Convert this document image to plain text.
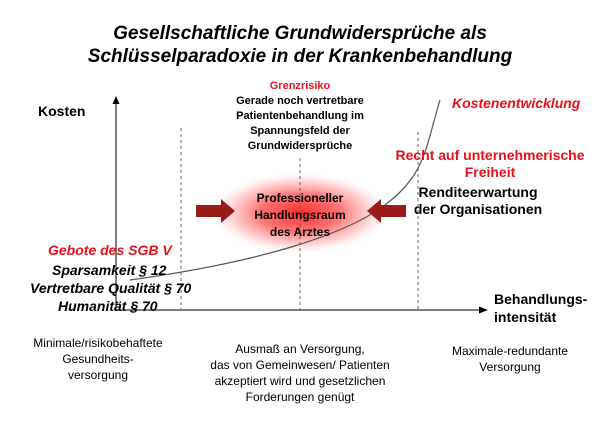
Gesellschaftliche Grundwidersprüche als
Schlüsselparadoxie in der Krankenbehandlung
Kosten
Grenzrisiko
Gerade noch vertretbare
Patientenbehandlung im
Spannungsfeld der
Grundwidersprüche
Kostenentwicklung
Recht auf unternehmerische
Freiheit
Renditeerwartung
der Organisationen
Professioneller
Handlungsraum
des Arztes
Gebote des SGB V
Sparsamkeit § 12
Vertretbare Qualität § 70
Humanität § 70	Behandlungs-
intensität
Minimale/risikobehaftete
Gesundheits-
versorgung
Ausmaß an Versorgung,
das von Gemeinwesen/ Patienten
akzeptiert wird und gesetzlichen
Forderungen genügt
Maximale-redundante
Versorgung
